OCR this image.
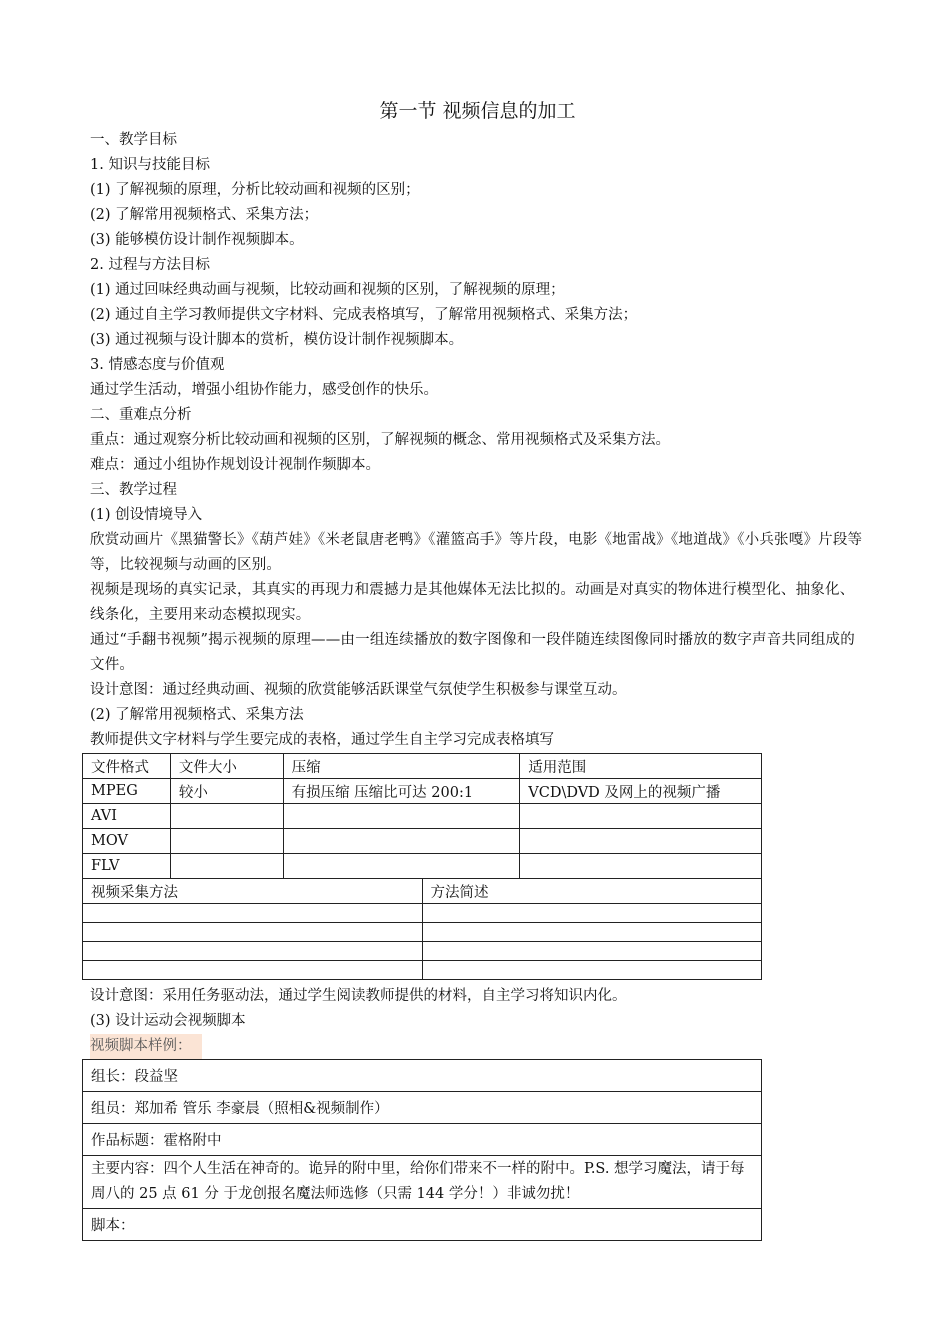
第一节 视频信息的加工

一、教学目标

1. 知识与技能目标

(1) 了解视频的原理，分析比较动画和视频的区别；

(2) 了解常用视频格式、采集方法；

(3) 能够模仿设计制作视频脚本。

2. 过程与方法目标

(1) 通过回味经典动画与视频，比较动画和视频的区别，了解视频的原理；

(2) 通过自主学习教师提供文字材料、完成表格填写，了解常用视频格式、采集方法；

(3) 通过视频与设计脚本的赏析，模仿设计制作视频脚本。

3. 情感态度与价值观

通过学生活动，增强小组协作能力，感受创作的快乐。

二、重难点分析

重点：通过观察分析比较动画和视频的区别，了解视频的概念、常用视频格式及采集方法。

难点：通过小组协作规划设计视制作频脚本。

三、教学过程

(1) 创设情境导入

欣赏动画片《黑猫警长》《葫芦娃》《米老鼠唐老鸭》《灌篮高手》等片段，电影《地雷战》《地道战》《小兵张嘎》片段等等，比较视频与动画的区别。

视频是现场的真实记录，其真实的再现力和震撼力是其他媒体无法比拟的。动画是对真实的物体进行模型化、抽象化、线条化，主要用来动态模拟现实。

通过“手翻书视频”揭示视频的原理——由一组连续播放的数字图像和一段伴随连续图像同时播放的数字声音共同组成的文件。

设计意图：通过经典动画、视频的欣赏能够活跃课堂气氛使学生积极参与课堂互动。

(2) 了解常用视频格式、采集方法

教师提供文字材料与学生要完成的表格，通过学生自主学习完成表格填写

文件格式	文件大小	压缩	适用范围
MPEG	较小	有损压缩 压缩比可达 200:1	VCD\DVD 及网上的视频广播
AVI			
MOV			
FLV			
视频采集方法	方法简述

设计意图：采用任务驱动法，通过学生阅读教师提供的材料，自主学习将知识内化。

(3) 设计运动会视频脚本

视频脚本样例：

组长：段益坚
组员：郑加希 管乐 李豪晨（照相&视频制作）
作品标题：霍格附中
主要内容：四个人生活在神奇的。诡异的附中里，给你们带来不一样的附中。P.S. 想学习魔法，请于每周八的 25 点 61 分 于龙创报名魔法师选修（只需 144 学分！）非诚勿扰！
脚本：
